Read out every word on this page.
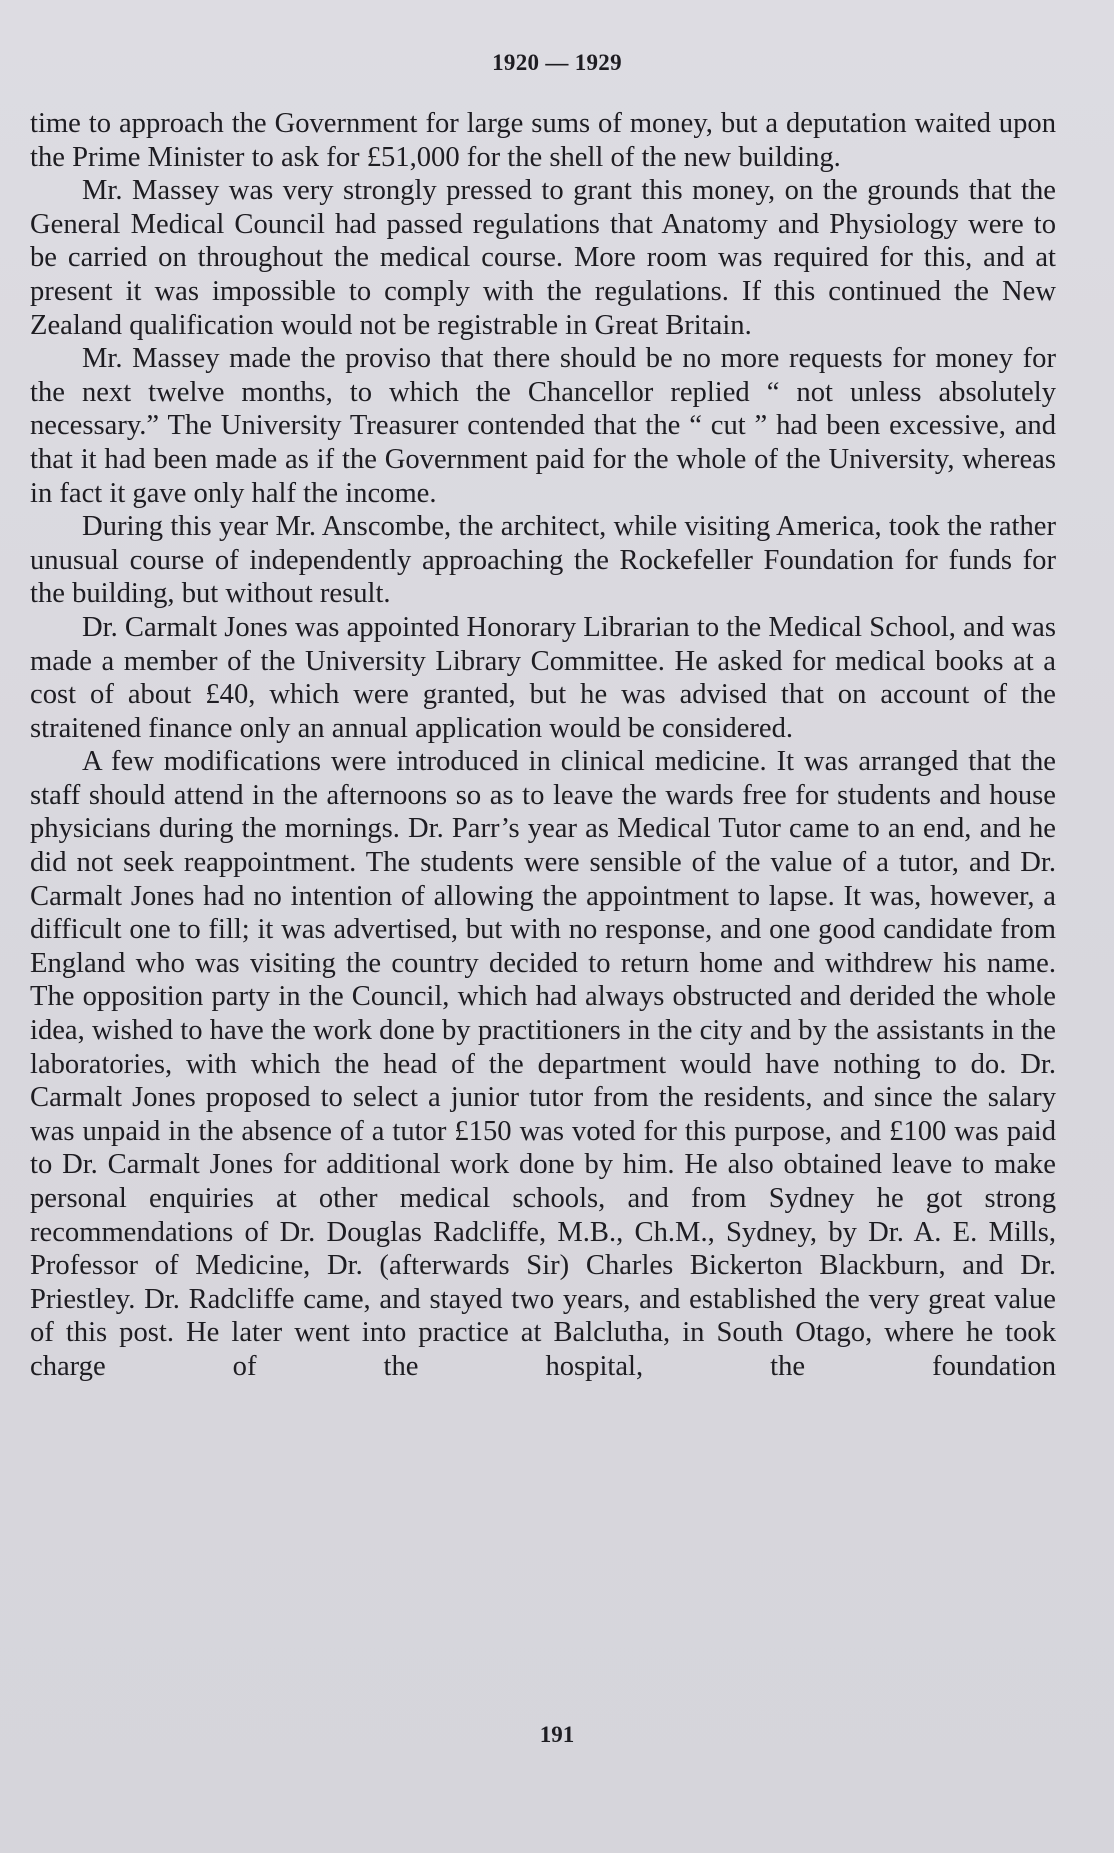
1920 — 1929

time to approach the Government for large sums of money, but a deputation waited upon the Prime Minister to ask for £51,000 for the shell of the new building.

Mr. Massey was very strongly pressed to grant this money, on the grounds that the General Medical Council had passed regulations that Anatomy and Physiology were to be carried on throughout the medical course. More room was required for this, and at present it was impossible to comply with the regulations. If this continued the New Zealand qualification would not be registrable in Great Britain.

Mr. Massey made the proviso that there should be no more requests for money for the next twelve months, to which the Chancellor replied “ not unless absolutely necessary.” The University Treasurer contended that the “ cut ” had been excessive, and that it had been made as if the Government paid for the whole of the University, whereas in fact it gave only half the income.

During this year Mr. Anscombe, the architect, while visiting America, took the rather unusual course of independently approaching the Rockefeller Foundation for funds for the building, but without result.

Dr. Carmalt Jones was appointed Honorary Librarian to the Medical School, and was made a member of the University Library Committee. He asked for medical books at a cost of about £40, which were granted, but he was advised that on account of the straitened finance only an annual application would be considered.

A few modifications were introduced in clinical medicine. It was arranged that the staff should attend in the afternoons so as to leave the wards free for students and house physicians during the mornings. Dr. Parr’s year as Medical Tutor came to an end, and he did not seek reappointment. The students were sensible of the value of a tutor, and Dr. Carmalt Jones had no intention of allowing the appointment to lapse. It was, however, a difficult one to fill; it was advertised, but with no response, and one good candidate from England who was visiting the country decided to return home and withdrew his name. The opposition party in the Council, which had always obstructed and derided the whole idea, wished to have the work done by practitioners in the city and by the assistants in the laboratories, with which the head of the department would have nothing to do. Dr. Carmalt Jones proposed to select a junior tutor from the residents, and since the salary was unpaid in the absence of a tutor £150 was voted for this purpose, and £100 was paid to Dr. Carmalt Jones for additional work done by him. He also obtained leave to make personal enquiries at other medical schools, and from Sydney he got strong recommendations of Dr. Douglas Radcliffe, M.B., Ch.M., Sydney, by Dr. A. E. Mills, Professor of Medicine, Dr. (afterwards Sir) Charles Bickerton Blackburn, and Dr. Priestley. Dr. Radcliffe came, and stayed two years, and established the very great value of this post. He later went into practice at Balclutha, in South Otago, where he took charge of the hospital, the foundation

191
